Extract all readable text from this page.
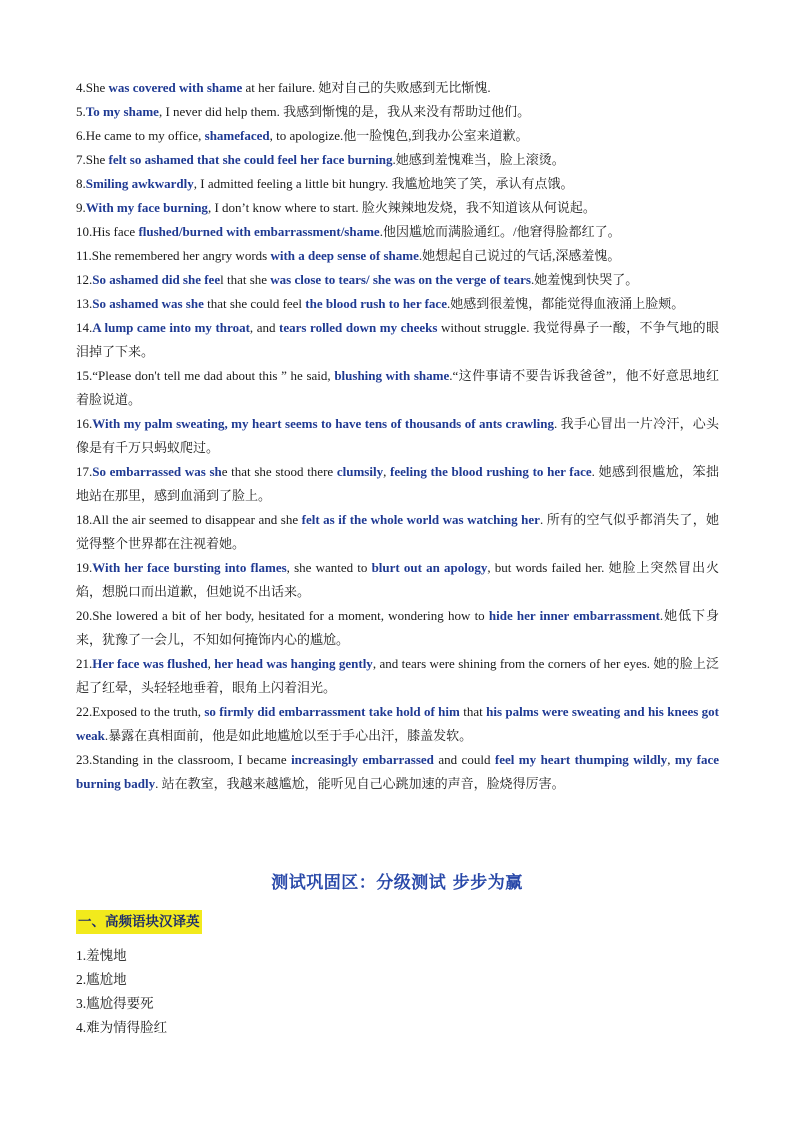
4.She was covered with shame at her failure. 她对自己的失败感到无比惭愧.

5.To my shame, I never did help them. 我感到惭愧的是，我从来没有帮助过他们。

6.He came to my office, shamefaced, to apologize.他一脸愧色,到我办公室来道歉。

7.She felt so ashamed that she could feel her face burning.她感到羞愧难当，脸上滚烫。

8.Smiling awkwardly, I admitted feeling a little bit hungry. 我尴尬地笑了笑，承认有点饿。

9.With my face burning, I don’t know where to start. 脸火辣辣地发烧，我不知道该从何说起。

10.His face flushed/burned with embarrassment/shame.他因尴尬而满脸通红。/他窘得脸都红了。

11.She remembered her angry words with a deep sense of shame.她想起自己说过的气话,深感羞愧。

12.So ashamed did she feel that she was close to tears/ she was on the verge of tears.她羞愧到快哭了。

13.So ashamed was she that she could feel the blood rush to her face.她感到很羞愧，都能觉得血液涌上脸颊。

14.A lump came into my throat, and tears rolled down my cheeks without struggle. 我觉得鼻子一酸，不争气地的眼泪掉了下来。

15.“Please don't tell me dad about this ” he said, blushing with shame.“这件事请不要告诉我爸爸”，他不好意思地红着脸说道。

16.With my palm sweating, my heart seems to have tens of thousands of ants crawling. 我手心冒出一片冷汗，心头像是有千万只蚂蚁爬过。

17.So embarrassed was she that she stood there clumsily, feeling the blood rushing to her face. 她感到很尴尬，笨拙地站在那里，感到血涌到了脸上。

18.All the air seemed to disappear and she felt as if the whole world was watching her. 所有的空气似乎都消失了，她觉得整个世界都在注视着她。

19.With her face bursting into flames, she wanted to blurt out an apology, but words failed her. 她脸上突然冒出火焰，想脱口而出道歉，但她说不出话来。

20.She lowered a bit of her body, hesitated for a moment, wondering how to hide her inner embarrassment.她低下身来，犹豫了一会儿，不知如何掩饰内心的尴尬。

21.Her face was flushed, her head was hanging gently, and tears were shining from the corners of her eyes. 她的脸上泛起了红晕，头轻轻地垂着，眼角上闪着泪光。

22.Exposed to the truth, so firmly did embarrassment take hold of him that his palms were sweating and his knees got weak.暴露在真相面前，他是如此地尴尬以至于手心出汗，膝盖发软。

23.Standing in the classroom, I became increasingly embarrassed and could feel my heart thumping wildly, my face burning badly. 站在教室，我越来越尴尬，能听见自己心跳加速的声音，脸烧得厉害。

测试巩固区：分级测试 步步为赢
一、高频语块汉译英

1.羞愧地

2.尴尬地

3.尴尬得要死

4.难为情得脸红
